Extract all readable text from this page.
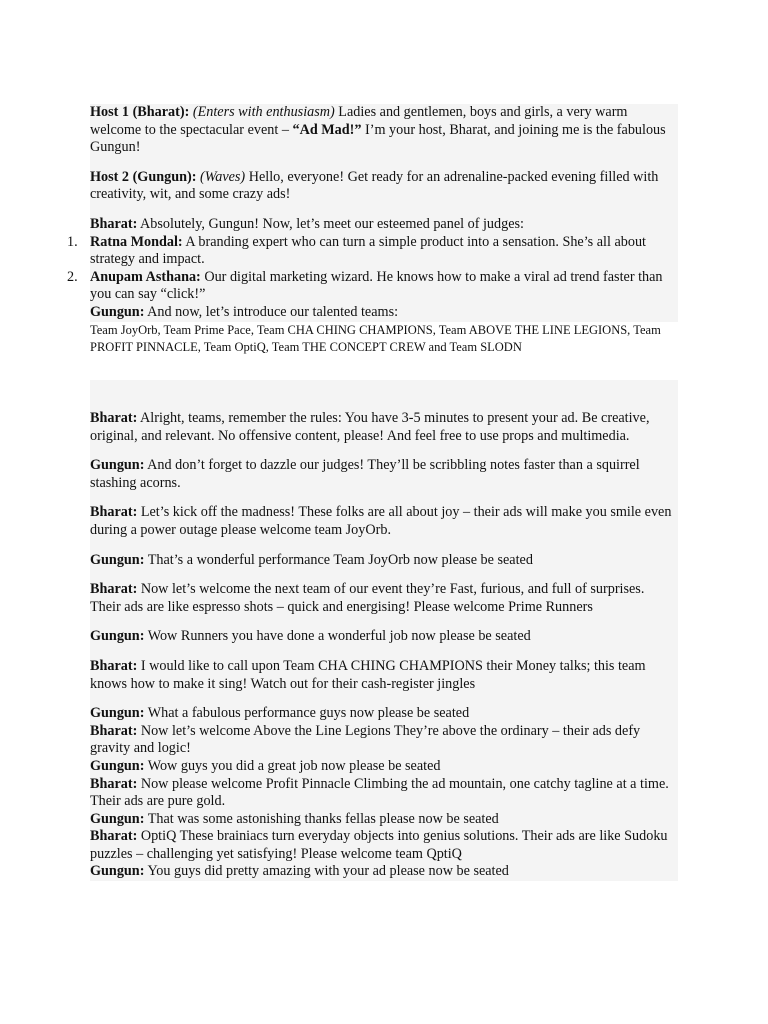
Host 1 (Bharat): (Enters with enthusiasm) Ladies and gentlemen, boys and girls, a very warm welcome to the spectacular event – “Ad Mad!” I’m your host, Bharat, and joining me is the fabulous Gungun!

Host 2 (Gungun): (Waves) Hello, everyone! Get ready for an adrenaline-packed evening filled with creativity, wit, and some crazy ads!

Bharat: Absolutely, Gungun! Now, let’s meet our esteemed panel of judges:

1. Ratna Mondal: A branding expert who can turn a simple product into a sensation. She’s all about strategy and impact.
2. Anupam Asthana: Our digital marketing wizard. He knows how to make a viral ad trend faster than you can say “click!”

Gungun: And now, let’s introduce our talented teams:

Team JoyOrb, Team Prime Pace, Team CHA CHING CHAMPIONS, Team ABOVE THE LINE LEGIONS, Team PROFIT PINNACLE, Team OptiQ, Team THE CONCEPT CREW and Team SLODN

Bharat: Alright, teams, remember the rules: You have 3-5 minutes to present your ad. Be creative, original, and relevant. No offensive content, please! And feel free to use props and multimedia.

Gungun: And don’t forget to dazzle our judges! They’ll be scribbling notes faster than a squirrel stashing acorns.

Bharat: Let’s kick off the madness! These folks are all about joy – their ads will make you smile even during a power outage please welcome team JoyOrb.

Gungun: That’s a wonderful performance Team JoyOrb now please be seated

Bharat: Now let’s welcome the next team of our event they’re Fast, furious, and full of surprises. Their ads are like espresso shots – quick and energising! Please welcome Prime Runners

Gungun: Wow Runners you have done a wonderful job now please be seated

Bharat: I would like to call upon Team CHA CHING CHAMPIONS their Money talks; this team knows how to make it sing! Watch out for their cash-register jingles

Gungun: What a fabulous performance guys now please be seated

Bharat: Now let’s welcome Above the Line Legions They’re above the ordinary – their ads defy gravity and logic!

Gungun: Wow guys you did a great job now please be seated

Bharat: Now please welcome Profit Pinnacle Climbing the ad mountain, one catchy tagline at a time. Their ads are pure gold.

Gungun: That was some astonishing thanks fellas please now be seated

Bharat: OptiQ These brainiacs turn everyday objects into genius solutions. Their ads are like Sudoku puzzles – challenging yet satisfying! Please welcome team QptiQ

Gungun: You guys did pretty amazing with your ad please now be seated
